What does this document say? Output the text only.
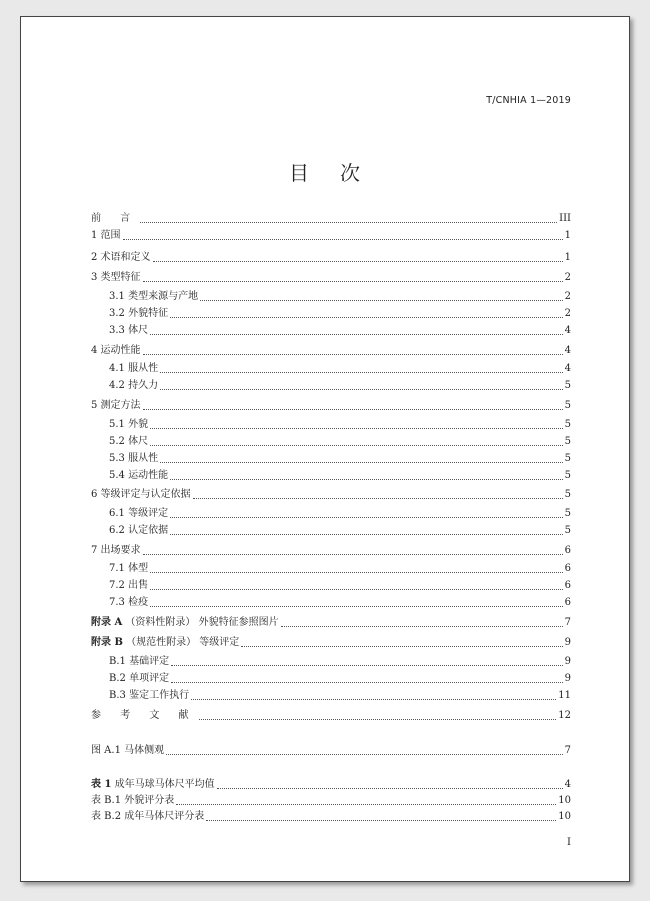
T/CNHIA 1—2019
目 次
前 言	III
1 范围	1
2 术语和定义	1
3 类型特征	2
3.1 类型来源与产地	2
3.2 外貌特征	2
3.3 体尺	4
4 运动性能	4
4.1 服从性	4
4.2 持久力	5
5 测定方法	5
5.1 外貌	5
5.2 体尺	5
5.3 服从性	5
5.4 运动性能	5
6 等级评定与认定依据	5
6.1 等级评定	5
6.2 认定依据	5
7 出场要求	6
7.1 体型	6
7.2 出售	6
7.3 检疫	6
附录 A （资料性附录） 外貌特征参照图片	7
附录 B （规范性附录） 等级评定	9
B.1 基础评定	9
B.2 单项评定	9
B.3 鉴定工作执行	11
参 考 文 献	12
图 A.1 马体侧观	7
表 1 成年马球马体尺平均值	4
表 B.1 外貌评分表	10
表 B.2 成年马体尺评分表	10
I
